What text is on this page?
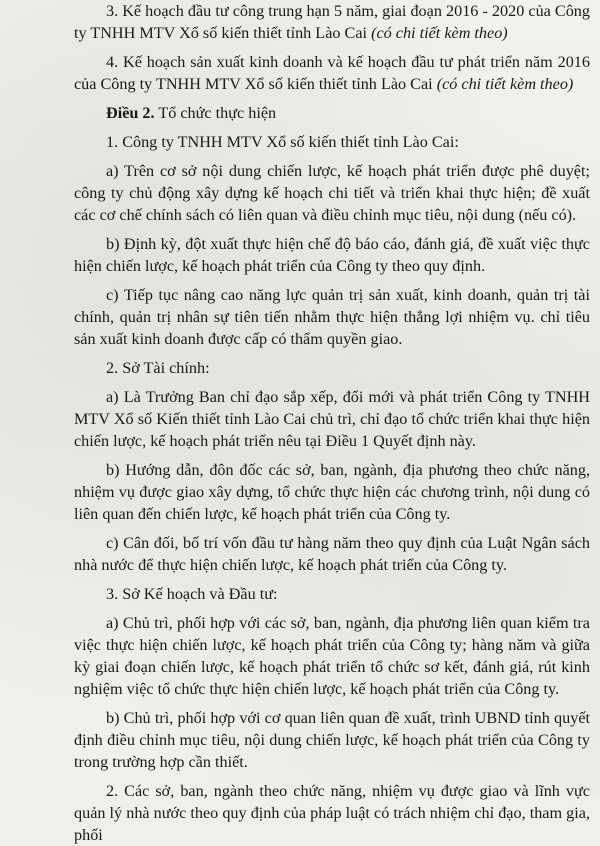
3. Kế hoạch đầu tư công trung hạn 5 năm, giai đoạn 2016 - 2020 của Công ty TNHH MTV Xổ số kiến thiết tỉnh Lào Cai (có chi tiết kèm theo)

4. Kế hoạch sản xuất kinh doanh và kế hoạch đầu tư phát triển năm 2016 của Công ty TNHH MTV Xổ số kiến thiết tỉnh Lào Cai (có chi tiết kèm theo)

Điều 2. Tổ chức thực hiện

1. Công ty TNHH MTV Xổ số kiến thiết tỉnh Lào Cai:

a) Trên cơ sở nội dung chiến lược, kế hoạch phát triển được phê duyệt; công ty chủ động xây dựng kế hoạch chi tiết và triển khai thực hiện; đề xuất các cơ chế chính sách có liên quan và điều chỉnh mục tiêu, nội dung (nếu có).

b) Định kỳ, đột xuất thực hiện chế độ báo cáo, đánh giá, đề xuất việc thực hiện chiến lược, kế hoạch phát triển của Công ty theo quy định.

c) Tiếp tục nâng cao năng lực quản trị sản xuất, kinh doanh, quản trị tài chính, quản trị nhân sự tiên tiến nhằm thực hiện thắng lợi nhiệm vụ. chỉ tiêu sản xuất kinh doanh được cấp có thẩm quyền giao.

2. Sở Tài chính:

a) Là Trưởng Ban chỉ đạo sắp xếp, đổi mới và phát triển Công ty TNHH MTV Xổ số Kiến thiết tỉnh Lào Cai chủ trì, chỉ đạo tổ chức triển khai thực hiện chiến lược, kế hoạch phát triển nêu tại Điều 1 Quyết định này.

b) Hướng dẫn, đôn đốc các sở, ban, ngành, địa phương theo chức năng, nhiệm vụ được giao xây dựng, tổ chức thực hiện các chương trình, nội dung có liên quan đến chiến lược, kế hoạch phát triển của Công ty.

c) Cân đối, bố trí vốn đầu tư hàng năm theo quy định của Luật Ngân sách nhà nước để thực hiện chiến lược, kế hoạch phát triển của Công ty.

3. Sở Kế hoạch và Đầu tư:

a) Chủ trì, phối hợp với các sở, ban, ngành, địa phương liên quan kiểm tra việc thực hiện chiến lược, kế hoạch phát triển của Công ty; hàng năm và giữa kỳ giai đoạn chiến lược, kế hoạch phát triển tổ chức sơ kết, đánh giá, rút kinh nghiệm việc tổ chức thực hiện chiến lược, kế hoạch phát triển của Công ty.

b) Chủ trì, phối hợp với cơ quan liên quan đề xuất, trình UBND tỉnh quyết định điều chỉnh mục tiêu, nội dung chiến lược, kế hoạch phát triển của Công ty trong trường hợp cần thiết.

2. Các sở, ban, ngành theo chức năng, nhiệm vụ được giao và lĩnh vực quản lý nhà nước theo quy định của pháp luật có trách nhiệm chỉ đạo, tham gia, phối
